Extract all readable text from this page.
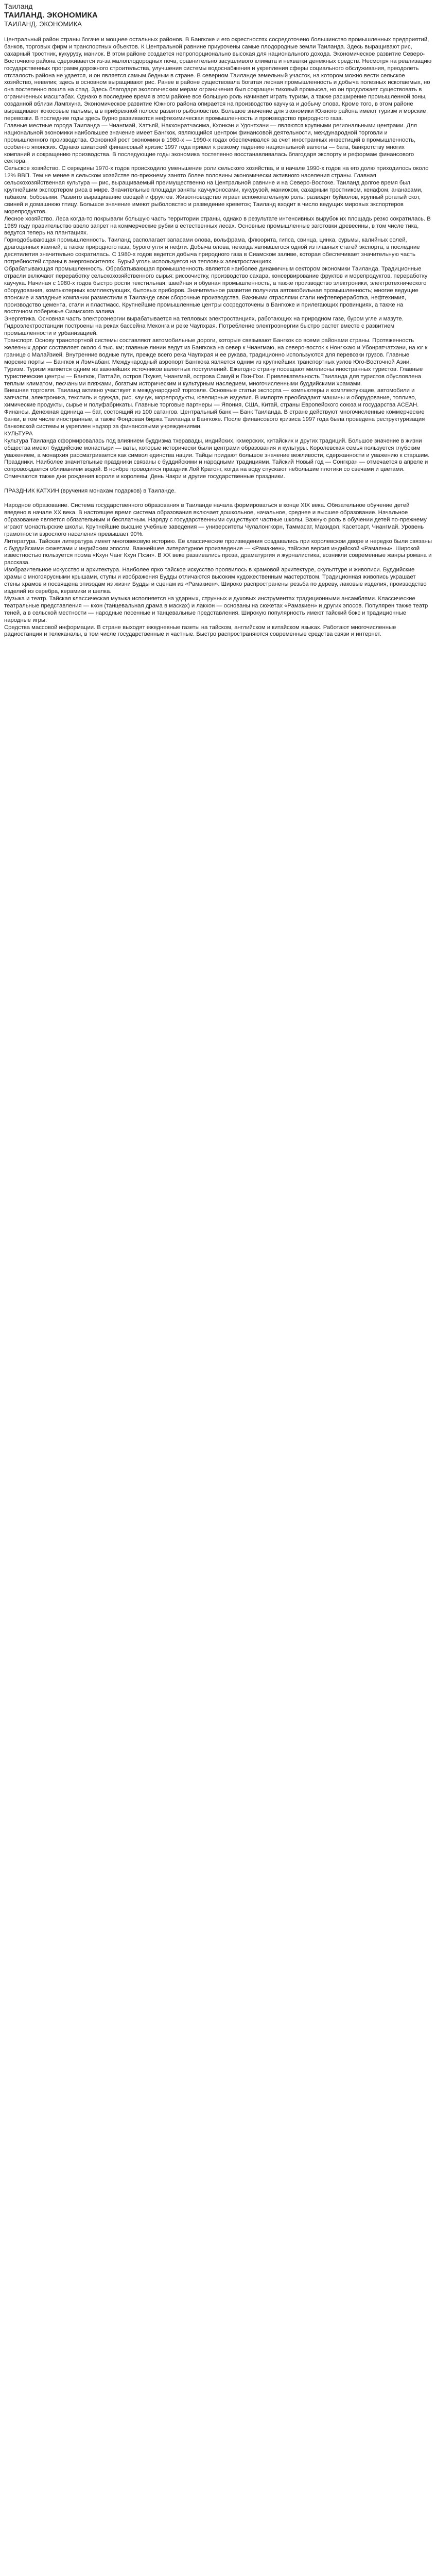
Таиланд

ТАИЛАНД. ЭКОНОМИКА

ТАИЛАНД. ЭКОНОМИКА

Центральный район страны богаче и мощнее остальных районов. В Бангкоке и его окрестностях сосредоточено большинство промышленных предприятий, банков, торговых фирм и транспортных объектов. К Центральной равнине приурочены самые плодородные земли Таиланда. Здесь выращивают рис, сахарный тростник, кукурузу, маниок. В этом районе создается непропорционально высокая для национального дохода. Экономическое развитие Северо-Восточного района сдерживается из-за малоплодородных почв, сравнительно засушливого климата и нехватки денежных средств. Несмотря на реализацию государственных программ дорожного строительства, улучшения системы водоснабжения и укрепления сферы социального обслуживания, преодолеть отсталость района не удается, и он является самым бедным в стране. В северном Таиланде земельный участок, на котором можно вести сельское хозяйство, невелик; здесь в основном выращивают рис. Ранее в районе существовала богатая лесная промышленность и добыча полезных ископаемых, но она постепенно пошла на спад. Здесь благодаря экологическим мерам ограничения был сокращен тиковый промысел, но он продолжает существовать в ограниченных масштабах. Однако в последнее время в этом районе все большую роль начинает играть туризм, а также расширение промышленной зоны, созданной вблизи Лампхуна. Экономическое развитие Южного района опирается на производство каучука и добычу олова. Кроме того, в этом районе выращивают кокосовые пальмы, а в прибрежной полосе развито рыболовство. Большое значение для экономики Южного района имеют туризм и морские перевозки. В последние годы здесь бурно развиваются нефтехимическая промышленность и производство природного газа.

Главные местные города Таиланда — Чиангмай, Хатъяй, Накхонратчасима, Кхонкэн и Удонтхани — являются крупными региональными центрами. Для национальной экономики наибольшее значение имеет Бангкок, являющийся центром финансовой деятельности, международной торговли и промышленного производства. Основной рост экономики в 1980-х — 1990-х годах обеспечивался за счет иностранных инвестиций в промышленность, особенно японских. Однако азиатский финансовый кризис 1997 года привел к резкому падению национальной валюты — бата, банкротству многих компаний и сокращению производства. В последующие годы экономика постепенно восстанавливалась благодаря экспорту и реформам финансового сектора.

Сельское хозяйство. С середины 1970-х годов происходило уменьшение роли сельского хозяйства, и в начале 1990-х годов на его долю приходилось около 12% ВВП. Тем не менее в сельском хозяйстве по-прежнему занято более половины экономически активного населения страны. Главная сельскохозяйственная культура — рис, выращиваемый преимущественно на Центральной равнине и на Северо-Востоке. Таиланд долгое время был крупнейшим экспортером риса в мире. Значительные площади заняты каучуконосами, кукурузой, маниоком, сахарным тростником, кенафом, ананасами, табаком, бобовыми. Развито выращивание овощей и фруктов. Животноводство играет вспомогательную роль: разводят буйволов, крупный рогатый скот, свиней и домашнюю птицу. Большое значение имеют рыболовство и разведение креветок; Таиланд входит в число ведущих мировых экспортеров морепродуктов.

Лесное хозяйство. Леса когда-то покрывали большую часть территории страны, однако в результате интенсивных вырубок их площадь резко сократилась. В 1989 году правительство ввело запрет на коммерческие рубки в естественных лесах. Основные промышленные заготовки древесины, в том числе тика, ведутся теперь на плантациях.

Горнодобывающая промышленность. Таиланд располагает запасами олова, вольфрама, флюорита, гипса, свинца, цинка, сурьмы, калийных солей, драгоценных камней, а также природного газа, бурого угля и нефти. Добыча олова, некогда являвшегося одной из главных статей экспорта, в последние десятилетия значительно сократилась. С 1980-х годов ведется добыча природного газа в Сиамском заливе, которая обеспечивает значительную часть потребностей страны в энергоносителях. Бурый уголь используется на тепловых электростанциях.

Обрабатывающая промышленность. Обрабатывающая промышленность является наиболее динамичным сектором экономики Таиланда. Традиционные отрасли включают переработку сельскохозяйственного сырья: рисоочистку, производство сахара, консервирование фруктов и морепродуктов, переработку каучука. Начиная с 1980-х годов быстро росли текстильная, швейная и обувная промышленность, а также производство электроники, электротехнического оборудования, компьютерных комплектующих, бытовых приборов. Значительное развитие получила автомобильная промышленность; многие ведущие японские и западные компании разместили в Таиланде свои сборочные производства. Важными отраслями стали нефтепереработка, нефтехимия, производство цемента, стали и пластмасс. Крупнейшие промышленные центры сосредоточены в Бангкоке и прилегающих провинциях, а также на восточном побережье Сиамского залива.

Энергетика. Основная часть электроэнергии вырабатывается на тепловых электростанциях, работающих на природном газе, буром угле и мазуте. Гидроэлектростанции построены на реках бассейна Меконга и реке Чаупхрая. Потребление электроэнергии быстро растет вместе с развитием промышленности и урбанизацией.

Транспорт. Основу транспортной системы составляют автомобильные дороги, которые связывают Бангкок со всеми районами страны. Протяженность железных дорог составляет около 4 тыс. км; главные линии ведут из Бангкока на север к Чиангмаю, на северо-восток к Нонгкхаю и Убонратчатхани, на юг к границе с Малайзией. Внутренние водные пути, прежде всего река Чаупхрая и ее рукава, традиционно используются для перевозки грузов. Главные морские порты — Бангкок и Лэмчабанг. Международный аэропорт Бангкока является одним из крупнейших транспортных узлов Юго-Восточной Азии.

Туризм. Туризм является одним из важнейших источников валютных поступлений. Ежегодно страну посещают миллионы иностранных туристов. Главные туристические центры — Бангкок, Паттайя, остров Пхукет, Чиангмай, острова Самуй и Пхи-Пхи. Привлекательность Таиланда для туристов обусловлена теплым климатом, песчаными пляжами, богатым историческим и культурным наследием, многочисленными буддийскими храмами.

Внешняя торговля. Таиланд активно участвует в международной торговле. Основные статьи экспорта — компьютеры и комплектующие, автомобили и запчасти, электроника, текстиль и одежда, рис, каучук, морепродукты, ювелирные изделия. В импорте преобладают машины и оборудование, топливо, химические продукты, сырье и полуфабрикаты. Главные торговые партнеры — Япония, США, Китай, страны Европейского союза и государства АСЕАН.

Финансы. Денежная единица — бат, состоящий из 100 сатангов. Центральный банк — Банк Таиланда. В стране действуют многочисленные коммерческие банки, в том числе иностранные, а также Фондовая биржа Таиланда в Бангкоке. После финансового кризиса 1997 года была проведена реструктуризация банковской системы и укреплен надзор за финансовыми учреждениями.

КУЛЬТУРА

Культура Таиланда сформировалась под влиянием буддизма тхеравады, индийских, кхмерских, китайских и других традиций. Большое значение в жизни общества имеют буддийские монастыри — ваты, которые исторически были центрами образования и культуры. Королевская семья пользуется глубоким уважением, а монархия рассматривается как символ единства нации. Тайцы придают большое значение вежливости, сдержанности и уважению к старшим.

Праздники. Наиболее значительные праздники связаны с буддийскими и народными традициями. Тайский Новый год — Сонгкран — отмечается в апреле и сопровождается обливанием водой. В ноябре проводится праздник Лой Кратонг, когда на воду спускают небольшие плотики со свечами и цветами. Отмечаются также дни рождения короля и королевы, День Чакри и другие государственные праздники.

ПРАЗДНИК КАТХИН (вручения монахам подарков) в Таиланде.

Народное образование. Система государственного образования в Таиланде начала формироваться в конце XIX века. Обязательное обучение детей введено в начале XX века. В настоящее время система образования включает дошкольное, начальное, среднее и высшее образование. Начальное образование является обязательным и бесплатным. Наряду с государственными существуют частные школы. Важную роль в обучении детей по-прежнему играют монастырские школы. Крупнейшие высшие учебные заведения — университеты Чулалонгкорн, Таммасат, Махидол, Касетсарт, Чиангмай. Уровень грамотности взрослого населения превышает 90%.

Литература. Тайская литература имеет многовековую историю. Ее классические произведения создавались при королевском дворе и нередко были связаны с буддийскими сюжетами и индийским эпосом. Важнейшее литературное произведение — «Рамакиен», тайская версия индийской «Рамаяны». Широкой известностью пользуется поэма «Кхун Чанг Кхун Пхэн». В XX веке развивались проза, драматургия и журналистика, возникли современные жанры романа и рассказа.

Изобразительное искусство и архитектура. Наиболее ярко тайское искусство проявилось в храмовой архитектуре, скульптуре и живописи. Буддийские храмы с многоярусными крышами, ступы и изображения Будды отличаются высоким художественным мастерством. Традиционная живопись украшает стены храмов и посвящена эпизодам из жизни Будды и сценам из «Рамакиен». Широко распространены резьба по дереву, лаковые изделия, производство изделий из серебра, керамики и шелка.

Музыка и театр. Тайская классическая музыка исполняется на ударных, струнных и духовых инструментах традиционными ансамблями. Классические театральные представления — кхон (танцевальная драма в масках) и лакхон — основаны на сюжетах «Рамакиен» и других эпосов. Популярен также театр теней, а в сельской местности — народные песенные и танцевальные представления. Широкую популярность имеют тайский бокс и традиционные народные игры.

Средства массовой информации. В стране выходят ежедневные газеты на тайском, английском и китайском языках. Работают многочисленные радиостанции и телеканалы, в том числе государственные и частные. Быстро распространяются современные средства связи и интернет.
